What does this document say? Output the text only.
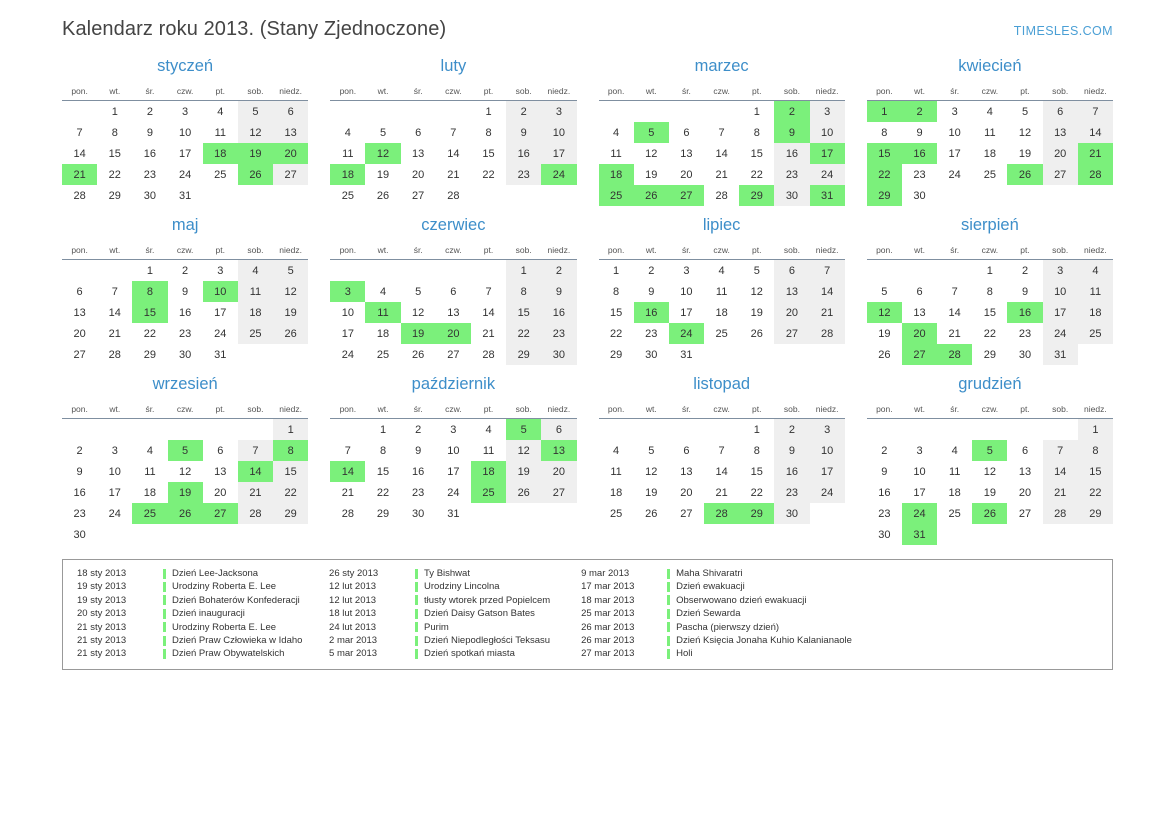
Kalendarz roku 2013. (Stany Zjednoczone)	TIMESLES.COM
styczeń
pon.	wt.	śr.	czw.	pt.	sob.	niedz.
	1	2	3	4	5	6
7	8	9	10	11	12	13
14	15	16	17	18	19	20
21	22	23	24	25	26	27
28	29	30	31			
luty
pon.	wt.	śr.	czw.	pt.	sob.	niedz.
				1	2	3
4	5	6	7	8	9	10
11	12	13	14	15	16	17
18	19	20	21	22	23	24
25	26	27	28			
marzec
pon.	wt.	śr.	czw.	pt.	sob.	niedz.
				1	2	3
4	5	6	7	8	9	10
11	12	13	14	15	16	17
18	19	20	21	22	23	24
25	26	27	28	29	30	31
kwiecień
pon.	wt.	śr.	czw.	pt.	sob.	niedz.
1	2	3	4	5	6	7
8	9	10	11	12	13	14
15	16	17	18	19	20	21
22	23	24	25	26	27	28
29	30					
maj
pon.	wt.	śr.	czw.	pt.	sob.	niedz.
		1	2	3	4	5
6	7	8	9	10	11	12
13	14	15	16	17	18	19
20	21	22	23	24	25	26
27	28	29	30	31		
czerwiec
pon.	wt.	śr.	czw.	pt.	sob.	niedz.
					1	2
3	4	5	6	7	8	9
10	11	12	13	14	15	16
17	18	19	20	21	22	23
24	25	26	27	28	29	30
lipiec
pon.	wt.	śr.	czw.	pt.	sob.	niedz.
1	2	3	4	5	6	7
8	9	10	11	12	13	14
15	16	17	18	19	20	21
22	23	24	25	26	27	28
29	30	31				
sierpień
pon.	wt.	śr.	czw.	pt.	sob.	niedz.
			1	2	3	4
5	6	7	8	9	10	11
12	13	14	15	16	17	18
19	20	21	22	23	24	25
26	27	28	29	30	31	
wrzesień
pon.	wt.	śr.	czw.	pt.	sob.	niedz.
						1
2	3	4	5	6	7	8
9	10	11	12	13	14	15
16	17	18	19	20	21	22
23	24	25	26	27	28	29
30						
październik
pon.	wt.	śr.	czw.	pt.	sob.	niedz.
	1	2	3	4	5	6
7	8	9	10	11	12	13
14	15	16	17	18	19	20
21	22	23	24	25	26	27
28	29	30	31			
listopad
pon.	wt.	śr.	czw.	pt.	sob.	niedz.
				1	2	3
4	5	6	7	8	9	10
11	12	13	14	15	16	17
18	19	20	21	22	23	24
25	26	27	28	29	30	
grudzień
pon.	wt.	śr.	czw.	pt.	sob.	niedz.
						1
2	3	4	5	6	7	8
9	10	11	12	13	14	15
16	17	18	19	20	21	22
23	24	25	26	27	28	29
30	31					
18 sty 2013	Dzień Lee-Jacksona
19 sty 2013	Urodziny Roberta E. Lee
19 sty 2013	Dzień Bohaterów Konfederacji
20 sty 2013	Dzień inauguracji
21 sty 2013	Urodziny Roberta E. Lee
21 sty 2013	Dzień Praw Człowieka w Idaho
21 sty 2013	Dzień Praw Obywatelskich
26 sty 2013	Ty Bishwat
12 lut 2013	Urodziny Lincolna
12 lut 2013	tłusty wtorek przed Popielcem
18 lut 2013	Dzień Daisy Gatson Bates
24 lut 2013	Purim
2 mar 2013	Dzień Niepodległości Teksasu
5 mar 2013	Dzień spotkań miasta
9 mar 2013	Maha Shivaratri
17 mar 2013	Dzień ewakuacji
18 mar 2013	Obserwowano dzień ewakuacji
25 mar 2013	Dzień Sewarda
26 mar 2013	Pascha (pierwszy dzień)
26 mar 2013	Dzień Księcia Jonaha Kuhio Kalanianaole
27 mar 2013	Holi
